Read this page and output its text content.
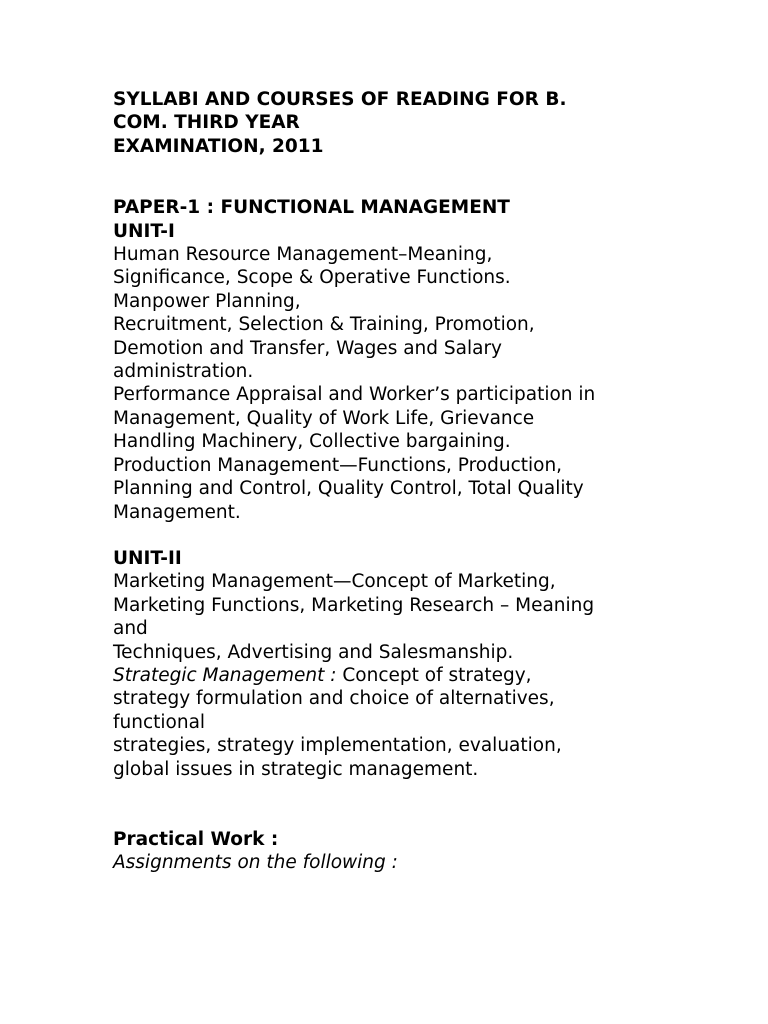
SYLLABI AND COURSES OF READING FOR B.
COM. THIRD YEAR
EXAMINATION, 2011
PAPER-1 : FUNCTIONAL MANAGEMENT
UNIT-I
Human Resource Management–Meaning,
Significance, Scope & Operative Functions.
Manpower Planning,
Recruitment, Selection & Training, Promotion,
Demotion and Transfer, Wages and Salary
administration.
Performance Appraisal and Worker’s participation in
Management, Quality of Work Life, Grievance
Handling Machinery, Collective bargaining.
Production Management—Functions, Production,
Planning and Control, Quality Control, Total Quality
Management.
UNIT-II
Marketing Management—Concept of Marketing,
Marketing Functions, Marketing Research – Meaning
and
Techniques, Advertising and Salesmanship.
Strategic Management : Concept of strategy,
strategy formulation and choice of alternatives,
functional
strategies, strategy implementation, evaluation,
global issues in strategic management.
Practical Work :
Assignments on the following :
